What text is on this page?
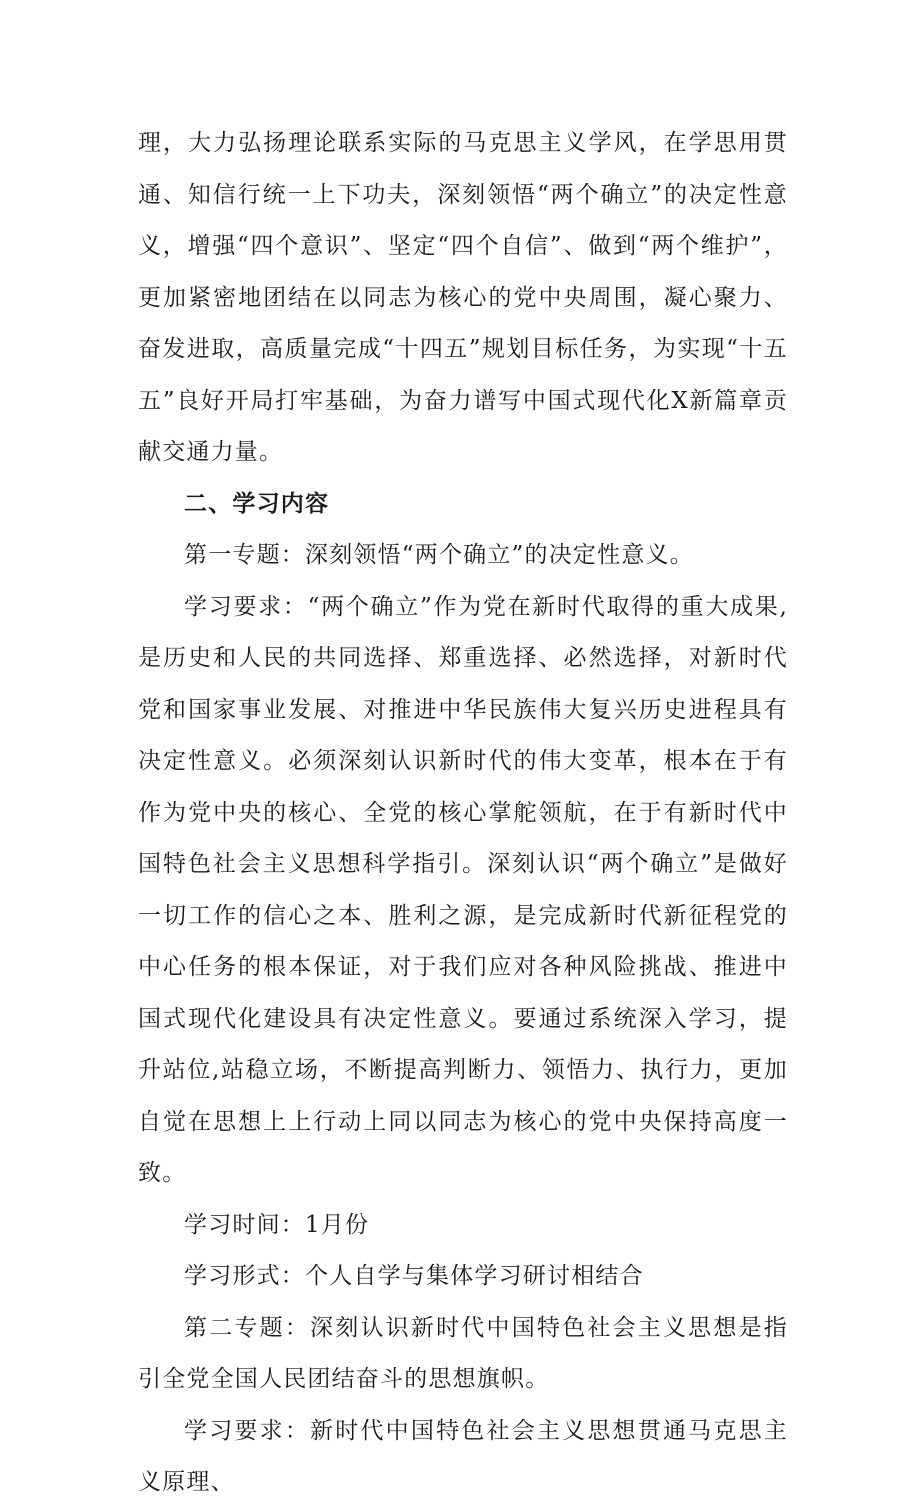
理，大力弘扬理论联系实际的马克思主义学风，在学思用贯通、知信行统一上下功夫，深刻领悟“两个确立”的决定性意义，增强“四个意识”、坚定“四个自信”、做到“两个维护”，更加紧密地团结在以同志为核心的党中央周围，凝心聚力、奋发进取，高质量完成“十四五”规划目标任务，为实现“十五五”良好开局打牢基础，为奋力谱写中国式现代化X新篇章贡献交通力量。

二、学习内容

第一专题：深刻领悟“两个确立”的决定性意义。

学习要求：“两个确立”作为党在新时代取得的重大成果,是历史和人民的共同选择、郑重选择、必然选择，对新时代党和国家事业发展、对推进中华民族伟大复兴历史进程具有决定性意义。必须深刻认识新时代的伟大变革，根本在于有作为党中央的核心、全党的核心掌舵领航，在于有新时代中国特色社会主义思想科学指引。深刻认识“两个确立”是做好一切工作的信心之本、胜利之源，是完成新时代新征程党的中心任务的根本保证，对于我们应对各种风险挑战、推进中国式现代化建设具有决定性意义。要通过系统深入学习，提升站位,站稳立场，不断提高判断力、领悟力、执行力，更加自觉在思想上上行动上同以同志为核心的党中央保持高度一致。

学习时间：1月份

学习形式：个人自学与集体学习研讨相结合

第二专题：深刻认识新时代中国特色社会主义思想是指引全党全国人民团结奋斗的思想旗帜。

学习要求：新时代中国特色社会主义思想贯通马克思主义原理、
